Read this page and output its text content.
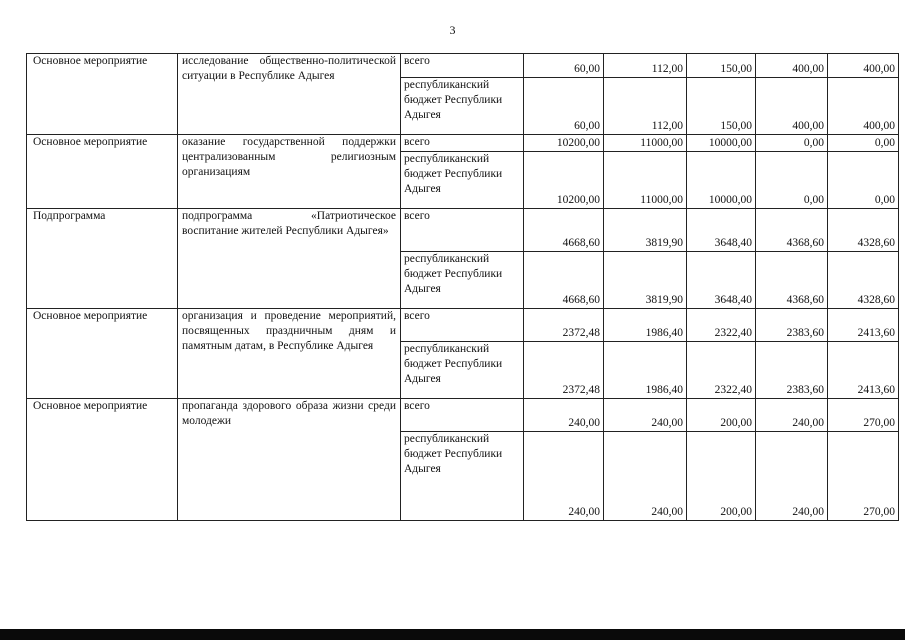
3
Основное мероприятие	исследование общественно-политической ситуации в Республике Адыгея	всего	60,00	112,00	150,00	400,00	400,00
		республиканский бюджет Республики Адыгея	60,00	112,00	150,00	400,00	400,00
Основное мероприятие	оказание государственной поддержки централизованным религиозным организациям	всего	10200,00	11000,00	10000,00	0,00	0,00
		республиканский бюджет Республики Адыгея	10200,00	11000,00	10000,00	0,00	0,00
Подпрограмма	подпрограмма «Патриотическое воспитание жителей Республики Адыгея»	всего	4668,60	3819,90	3648,40	4368,60	4328,60
		республиканский бюджет Республики Адыгея	4668,60	3819,90	3648,40	4368,60	4328,60
Основное мероприятие	организация и проведение мероприятий, посвященных праздничным дням и памятным датам, в Республике Адыгея	всего	2372,48	1986,40	2322,40	2383,60	2413,60
		республиканский бюджет Республики Адыгея	2372,48	1986,40	2322,40	2383,60	2413,60
Основное мероприятие	пропаганда здорового образа жизни среди молодежи	всего	240,00	240,00	200,00	240,00	270,00
		республиканский бюджет Республики Адыгея	240,00	240,00	200,00	240,00	270,00
